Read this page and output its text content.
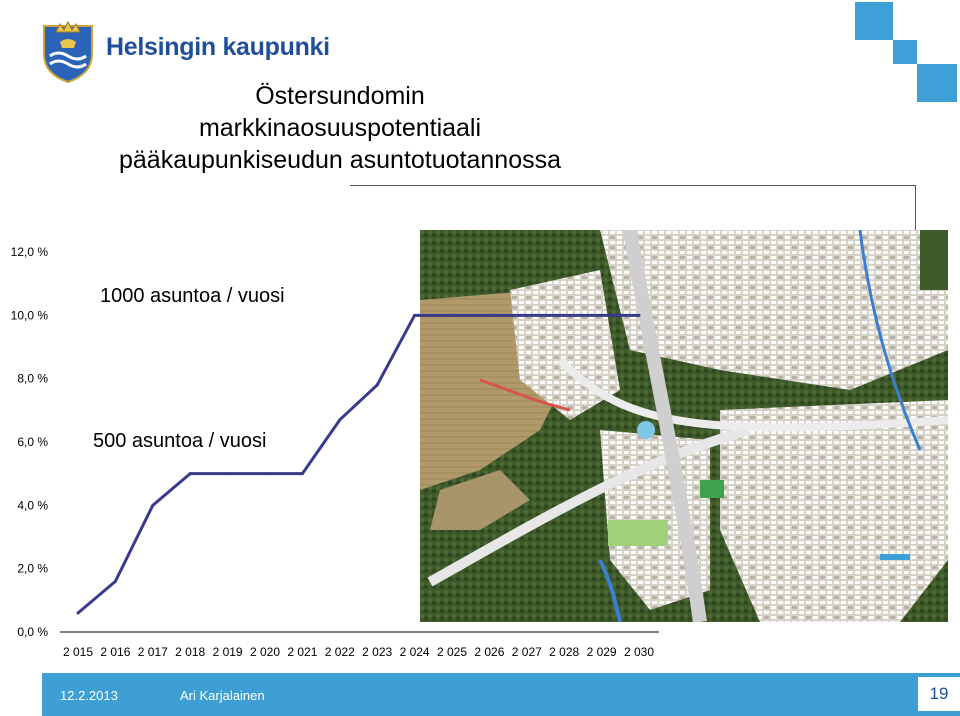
Helsingin kaupunki
Östersundomin
markkinaosuuspotentiaali
pääkaupunkiseudun asuntotuotannossa
0,0 %
2,0 %
4,0 %
6,0 %
8,0 %
10,0 %
12,0 %
2 015 2 016 2 017 2 018 2 019 2 020 2 021 2 022 2 023 2 024 2 025 2 026 2 027 2 028 2 029 2 030
1000 asuntoa / vuosi
500 asuntoa / vuosi
12.2.2013	Ari Karjalainen	19
